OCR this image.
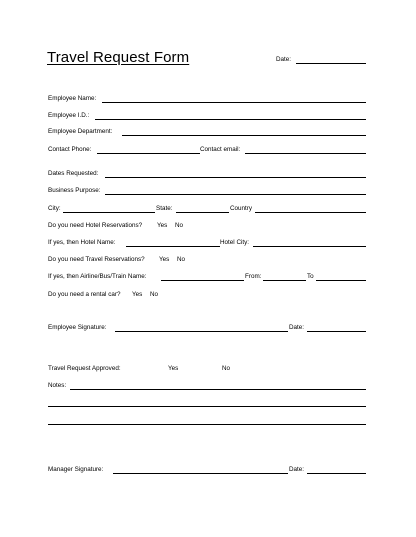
Travel Request Form	Date:
Employee Name:
Employee I.D.:
Employee Department:
Contact Phone:	Contact email:
Dates Requested:
Business Purpose:
City:	State:	Country
Do you need Hotel Reservations? Yes No
If yes, then Hotel Name:	Hotel City:
Do you need Travel Reservations? Yes No
If yes, then Airline/Bus/Train Name:	From:	To
Do you need a rental car? Yes No
Employee Signature:	Date:
Travel Request Approved:	Yes	No
Notes:
Manager Signature:	Date:
